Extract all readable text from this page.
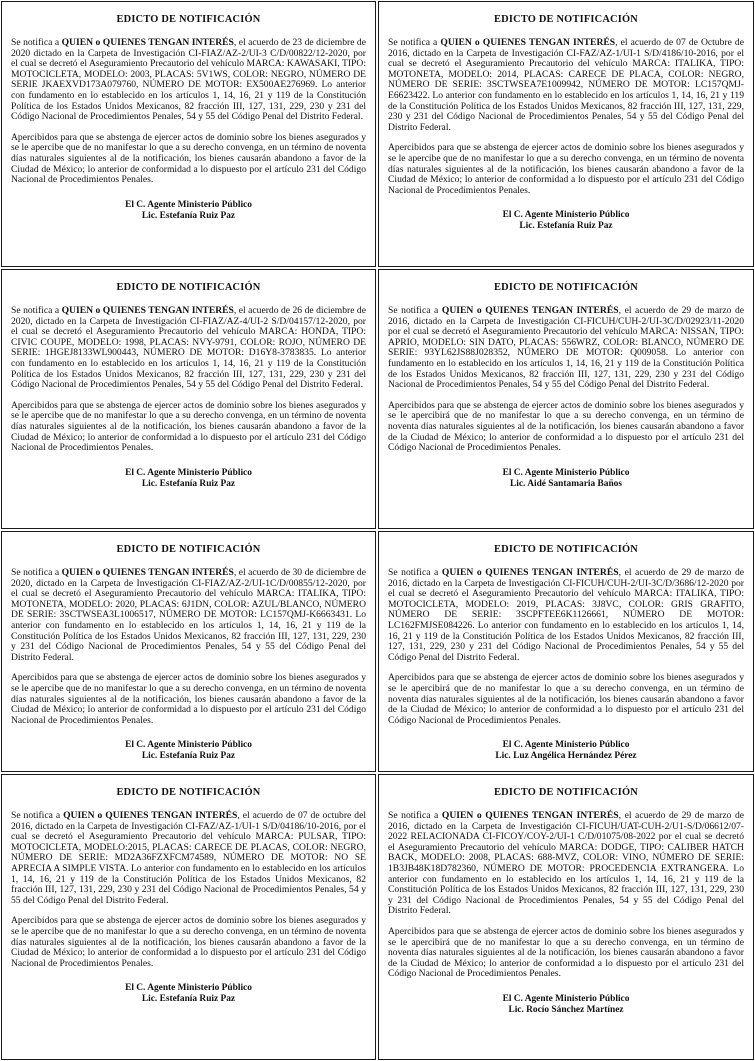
EDICTO DE NOTIFICACIÓN

Se notifica a QUIEN o QUIENES TENGAN INTERÉS, el acuerdo de 23 de diciembre de 2020 dictado en la Carpeta de Investigación CI-FIAZ/AZ-2/UI-3 C/D/00822/12-2020, por el cual se decretó el Aseguramiento Precautorio del vehículo MARCA: KAWASAKI, TIPO: MOTOCICLETA, MODELO: 2003, PLACAS: 5V1WS, COLOR: NEGRO, NÚMERO DE SERIE JKAEXVD173A079760, NÚMERO DE MOTOR: EX500AE276969. Lo anterior con fundamento en lo establecido en los artículos 1, 14, 16, 21 y 119 de la Constitución Política de los Estados Unidos Mexicanos, 82 fracción III, 127, 131, 229, 230 y 231 del Código Nacional de Procedimientos Penales, 54 y 55 del Código Penal del Distrito Federal.

Apercibidos para que se abstenga de ejercer actos de dominio sobre los bienes asegurados y se le apercibe que de no manifestar lo que a su derecho convenga, en un término de noventa días naturales siguientes al de la notificación, los bienes causarán abandono a favor de la Ciudad de México; lo anterior de conformidad a lo dispuesto por el artículo 231 del Código Nacional de Procedimientos Penales.

El C. Agente Ministerio Público
Lic. Estefanía Ruiz Paz
EDICTO DE NOTIFICACIÓN

Se notifica a QUIEN o QUIENES TENGAN INTERÉS, el acuerdo de 07 de Octubre de 2016, dictado en la Carpeta de Investigación CI-FAZ/AZ-1/UI-1 S/D/4186/10-2016, por el cual se decretó el Aseguramiento Precautorio del vehículo MARCA: ITALIKA, TIPO: MOTONETA, MODELO: 2014, PLACAS: CARECE DE PLACA, COLOR: NEGRO, NÚMERO DE SERIE: 3SCTWSEA7E1009942, NÚMERO DE MOTOR: LC157QMJ-E6623422. Lo anterior con fundamento en lo establecido en los artículos 1, 14, 16, 21 y 119 de la Constitución Política de los Estados Unidos Mexicanos, 82 fracción III, 127, 131, 229, 230 y 231 del Código Nacional de Procedimientos Penales, 54 y 55 del Código Penal del Distrito Federal.

Apercibidos para que se abstenga de ejercer actos de dominio sobre los bienes asegurados y se le apercibe que de no manifestar lo que a su derecho convenga, en un término de noventa días naturales siguientes al de la notificación, los bienes causarán abandono a favor de la Ciudad de México; lo anterior de conformidad a lo dispuesto por el artículo 231 del Código Nacional de Procedimientos Penales.

El C. Agente Ministerio Público
Lic. Estefanía Ruiz Paz
EDICTO DE NOTIFICACIÓN

Se notifica a QUIEN o QUIENES TENGAN INTERÉS, el acuerdo de 26 de diciembre de 2020, dictado en la Carpeta de Investigación CI-FIAZ/AZ-4/UI-2 S/D/04157/12-2020, por el cual se decretó el Aseguramiento Precautorio del vehículo MARCA: HONDA, TIPO: CIVIC COUPE, MODELO: 1998, PLACAS: NVY-9791, COLOR: ROJO, NÚMERO DE SERIE: 1HGEJ8133WL900443, NÚMERO DE MOTOR: D16Y8-3783835. Lo anterior con fundamento en lo establecido en los artículos 1, 14, 16, 21 y 119 de la Constitución Política de los Estados Unidos Mexicanos, 82 fracción III, 127, 131, 229, 230 y 231 del Código Nacional de Procedimientos Penales, 54 y 55 del Código Penal del Distrito Federal.

Apercibidos para que se abstenga de ejercer actos de dominio sobre los bienes asegurados y se le apercibe que de no manifestar lo que a su derecho convenga, en un término de noventa días naturales siguientes al de la notificación, los bienes causarán abandono a favor de la Ciudad de México; lo anterior de conformidad a lo dispuesto por el artículo 231 del Código Nacional de Procedimientos Penales.

El C. Agente Ministerio Público
Lic. Estefanía Ruiz Paz
EDICTO DE NOTIFICACIÓN

Se notifica a QUIEN o QUIENES TENGAN INTERÉS, el acuerdo de 29 de marzo de 2016, dictado en la Carpeta de Investigación CI-FICUH/CUH-2/UI-3C/D/02923/11-2020 por el cual se decretó el Aseguramiento Precautorio del vehículo MARCA: NISSAN, TIPO: APRIO, MODELO: SIN DATO, PLACAS: 556WRZ, COLOR: BLANCO, NÚMERO DE SERIE: 93YL62JS88J028352, NÚMERO DE MOTOR: Q009058. Lo anterior con fundamento en lo establecido en los artículos 1, 14, 16, 21 y 119 de la Constitución Política de los Estados Unidos Mexicanos, 82 fracción III, 127, 131, 229, 230 y 231 del Código Nacional de Procedimientos Penales, 54 y 55 del Código Penal del Distrito Federal.

Apercibidos para que se abstenga de ejercer actos de dominio sobre los bienes asegurados y se le apercibirá que de no manifestar lo que a su derecho convenga, en un término de noventa días naturales siguientes al de la notificación, los bienes causarán abandono a favor de la Ciudad de México; lo anterior de conformidad a lo dispuesto por el artículo 231 del Código Nacional de Procedimientos Penales.

El C. Agente Ministerio Público
Lic. Aidé Santamaria Baños
EDICTO DE NOTIFICACIÓN

Se notifica a QUIEN o QUIENES TENGAN INTERÉS, el acuerdo de 30 de diciembre de 2020, dictado en la Carpeta de Investigación CI-FIAZ/AZ-2/UI-1C/D/00855/12-2020, por el cual se decretó el Aseguramiento Precautorio del vehículo MARCA: ITALIKA, TIPO: MOTONETA, MODELO: 2020, PLACAS: 6J1DN, COLOR: AZUL/BLANCO, NÚMERO DE SERIE: 3SCTWSEA3L1006517, NÚMERO DE MOTOR: LC157QMJ-K6663431. Lo anterior con fundamento en lo establecido en los artículos 1, 14, 16, 21 y 119 de la Constitución Política de los Estados Unidos Mexicanos, 82 fracción III, 127, 131, 229, 230 y 231 del Código Nacional de Procedimientos Penales, 54 y 55 del Código Penal del Distrito Federal.

Apercibidos para que se abstenga de ejercer actos de dominio sobre los bienes asegurados y se le apercibe que de no manifestar lo que a su derecho convenga, en un término de noventa días naturales siguientes al de la notificación, los bienes causarán abandono a favor de la Ciudad de México; lo anterior de conformidad a lo dispuesto por el artículo 231 del Código Nacional de Procedimientos Penales.

El C. Agente Ministerio Público
Lic. Estefanía Ruiz Paz
EDICTO DE NOTIFICACIÓN

Se notifica a QUIEN o QUIENES TENGAN INTERÉS, el acuerdo de 29 de marzo de 2016, dictado en la Carpeta de Investigación CI-FICUH/CUH-2/UI-3C/D/3686/12-2020 por el cual se decretó el Aseguramiento Precautorio del vehículo MARCA: ITALIKA, TIPO: MOTOCICLETA, MODELO: 2019, PLACAS: 3J8VC, COLOR: GRIS GRAFITO, NÚMERO DE SERIE: 3SCPFTEE6K1126661, NÚMERO DE MOTOR: LC162FMJSE084226. Lo anterior con fundamento en lo establecido en los artículos 1, 14, 16, 21 y 119 de la Constitución Política de los Estados Unidos Mexicanos, 82 fracción III, 127, 131, 229, 230 y 231 del Código Nacional de Procedimientos Penales, 54 y 55 del Código Penal del Distrito Federal.

Apercibidos para que se abstenga de ejercer actos de dominio sobre los bienes asegurados y se le apercibirá que de no manifestar lo que a su derecho convenga, en un término de noventa días naturales siguientes al de la notificación, los bienes causarán abandono a favor de la Ciudad de México; lo anterior de conformidad a lo dispuesto por el artículo 231 del Código Nacional de Procedimientos Penales.

El C. Agente Ministerio Público
Lic. Luz Angélica Hernández Pérez
EDICTO DE NOTIFICACIÓN

Se notifica a QUIEN o QUIENES TENGAN INTERÉS, el acuerdo de 07 de octubre del 2016, dictado en la Carpeta de Investigación CI-FAZ/AZ-1/UI-1 S/D/04186/10-2016, por el cual se decretó el Aseguramiento Precautorio del vehículo MARCA: PULSAR, TIPO: MOTOCICLETA, MODELO:2015, PLACAS: CARECE DE PLACAS, COLOR: NEGRO, NÚMERO DE SERIE: MD2A36FZXFCM74589, NÚMERO DE MOTOR: NO SE APRECIA A SIMPLE VISTA. Lo anterior con fundamento en lo establecido en los artículos 1, 14, 16, 21 y 119 de la Constitución Política de los Estados Unidos Mexicanos, 82 fracción III, 127, 131, 229, 230 y 231 del Código Nacional de Procedimientos Penales, 54 y 55 del Código Penal del Distrito Federal.

Apercibidos para que se abstenga de ejercer actos de dominio sobre los bienes asegurados y se le apercibe que de no manifestar lo que a su derecho convenga, en un término de noventa días naturales siguientes al de la notificación, los bienes causarán abandono a favor de la Ciudad de México; lo anterior de conformidad a lo dispuesto por el artículo 231 del Código Nacional de Procedimientos Penales.

El C. Agente Ministerio Público
Lic. Estefanía Ruiz Paz
EDICTO DE NOTIFICACIÓN

Se notifica a QUIEN o QUIENES TENGAN INTERÉS, el acuerdo de 29 de marzo de 2016, dictado en la Carpeta de Investigación CI-FICUH/UAT-CUH-2/U1-S/D/06612/07-2022 RELACIONADA CI-FICOY/COY-2/UI-1 C/D/01075/08-2022 por el cual se decretó el Aseguramiento Precautorio del vehículo MARCA: DODGE, TIPO: CALIBER HATCH BACK, MODELO: 2008, PLACAS: 688-MVZ, COLOR: VINO, NÚMERO DE SERIE: 1B3JB48K18D782360, NÚMERO DE MOTOR: PROCEDENCIA EXTRANGERA. Lo anterior con fundamento en lo establecido en los artículos 1, 14, 16, 21 y 119 de la Constitución Política de los Estados Unidos Mexicanos, 82 fracción III, 127, 131, 229, 230 y 231 del Código Nacional de Procedimientos Penales, 54 y 55 del Código Penal del Distrito Federal.

Apercibidos para que se abstenga de ejercer actos de dominio sobre los bienes asegurados y se le apercibirá que de no manifestar lo que a su derecho convenga, en un término de noventa días naturales siguientes al de la notificación, los bienes causarán abandono a favor de la Ciudad de México; lo anterior de conformidad a lo dispuesto por el artículo 231 del Código Nacional de Procedimientos Penales.

El C. Agente Ministerio Público
Lic. Rocío Sánchez Martínez
